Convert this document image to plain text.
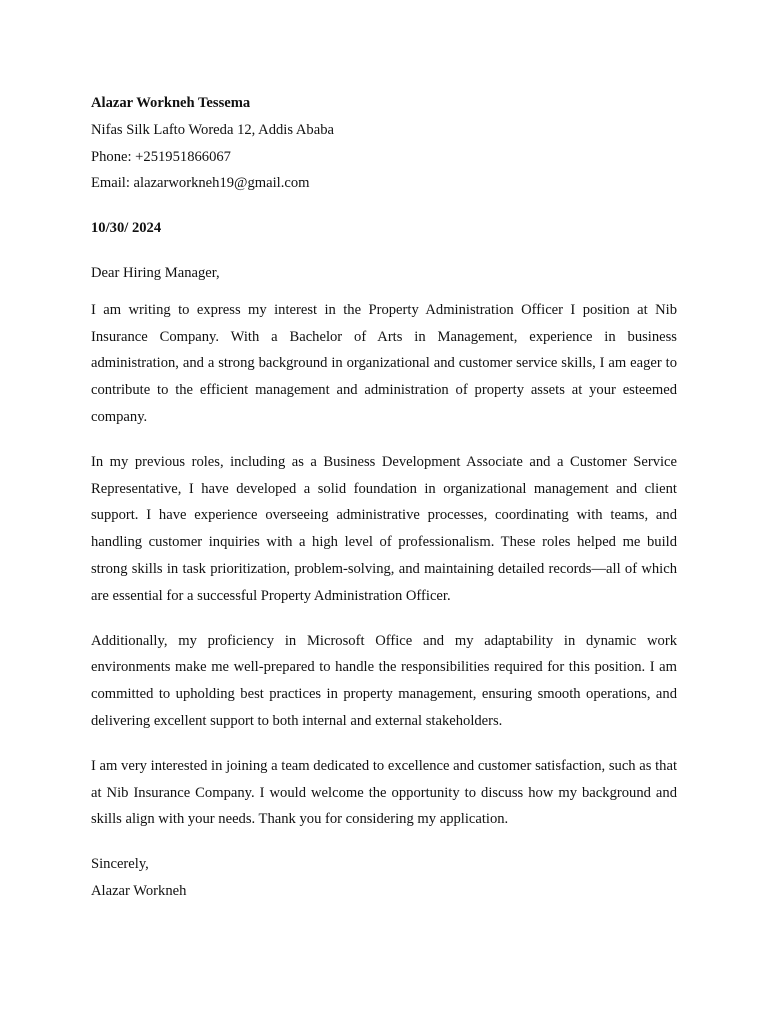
Alazar Workneh Tessema
Nifas Silk Lafto Woreda 12, Addis Ababa
Phone: +251951866067
Email: alazarworkneh19@gmail.com
10/30/ 2024
Dear Hiring Manager,

I am writing to express my interest in the Property Administration Officer I position at Nib Insurance Company. With a Bachelor of Arts in Management, experience in business administration, and a strong background in organizational and customer service skills, I am eager to contribute to the efficient management and administration of property assets at your esteemed company.

In my previous roles, including as a Business Development Associate and a Customer Service Representative, I have developed a solid foundation in organizational management and client support. I have experience overseeing administrative processes, coordinating with teams, and handling customer inquiries with a high level of professionalism. These roles helped me build strong skills in task prioritization, problem-solving, and maintaining detailed records—all of which are essential for a successful Property Administration Officer.

Additionally, my proficiency in Microsoft Office and my adaptability in dynamic work environments make me well-prepared to handle the responsibilities required for this position. I am committed to upholding best practices in property management, ensuring smooth operations, and delivering excellent support to both internal and external stakeholders.

I am very interested in joining a team dedicated to excellence and customer satisfaction, such as that at Nib Insurance Company. I would welcome the opportunity to discuss how my background and skills align with your needs. Thank you for considering my application.

Sincerely,
Alazar Workneh
